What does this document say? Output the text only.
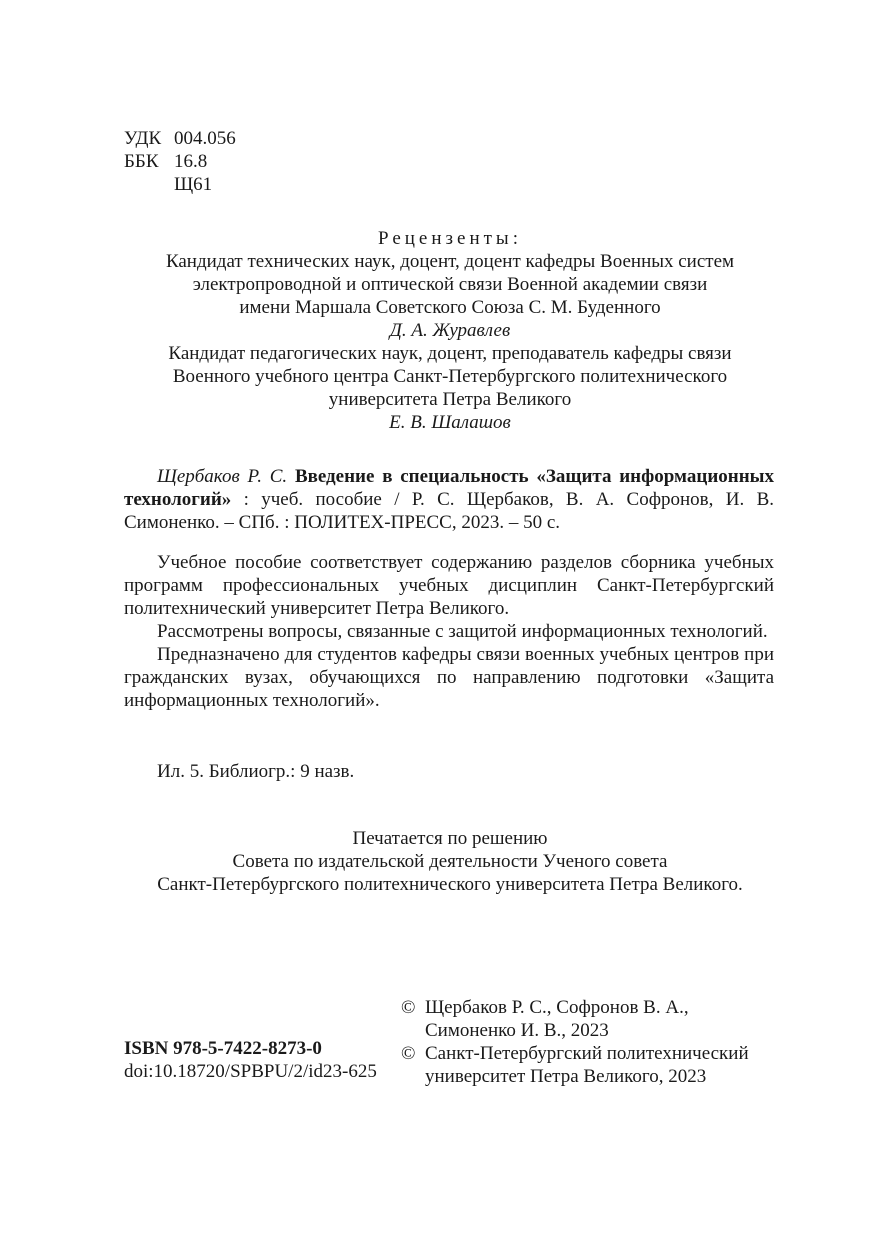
УДК 004.056
ББК 16.8
Щ61
Рецензенты:
Кандидат технических наук, доцент, доцент кафедры Военных систем
электропроводной и оптической связи Военной академии связи
имени Маршала Советского Союза С. М. Буденного
Д. А. Журавлев
Кандидат педагогических наук, доцент, преподаватель кафедры связи
Военного учебного центра Санкт-Петербургского политехнического
университета Петра Великого
Е. В. Шалашов

Щербаков Р. С. Введение в специальность «Защита информационных технологий» : учеб. пособие / Р. С. Щербаков, В. А. Софронов, И. В. Симоненко. – СПб. : ПОЛИТЕХ-ПРЕСС, 2023. – 50 с.

Учебное пособие соответствует содержанию разделов сборника учебных программ профессиональных учебных дисциплин Санкт-Петербургский политехнический университет Петра Великого.

Рассмотрены вопросы, связанные с защитой информационных технологий.

Предназначено для студентов кафедры связи военных учебных центров при гражданских вузах, обучающихся по направлению подготовки «Защита информационных технологий».

Ил. 5. Библиогр.: 9 назв.
Печатается по решению
Совета по издательской деятельности Ученого совета
Санкт-Петербургского политехнического университета Петра Великого.
ISBN 978-5-7422-8273-0
doi:10.18720/SPBPU/2/id23-625
© Щербаков Р. С., Софронов В. А.,
Симоненко И. В., 2023
© Санкт-Петербургский политехнический
университет Петра Великого, 2023
